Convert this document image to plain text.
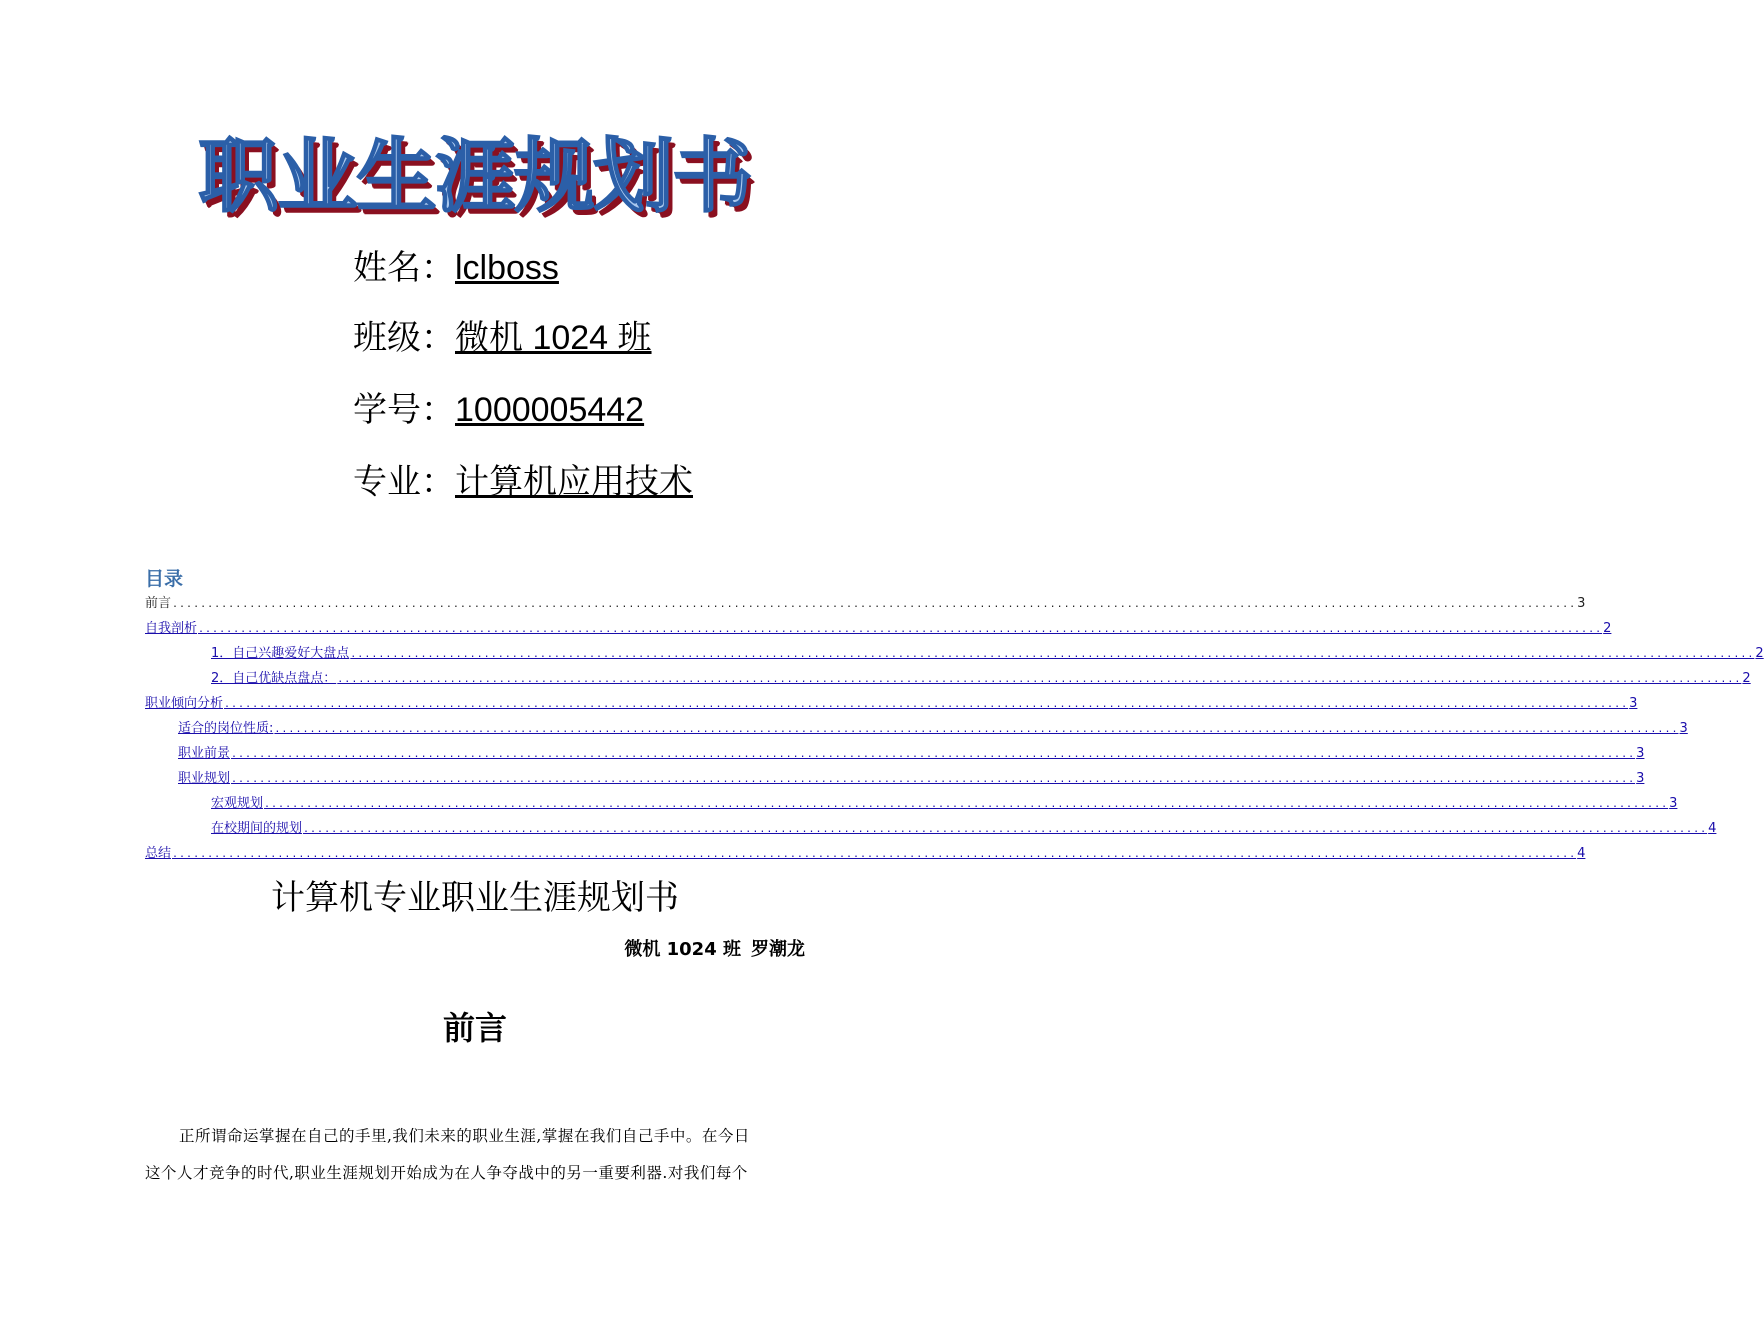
职业生涯规划书
姓名：lclboss
班级：微机 1024 班
学号：1000005442
专业：计算机应用技术
目录
前言 ........................................................................................................................................................................................................ 3
自我剖析 ........................................................................................................................................................................................................ 2
1．自己兴趣爱好大盘点 ........................................................................................................................................................................................................ 2
2．自己优缺点盘点： ........................................................................................................................................................................................................ 2
职业倾向分析 ........................................................................................................................................................................................................ 3
适合的岗位性质: ........................................................................................................................................................................................................ 3
职业前景 ........................................................................................................................................................................................................ 3
职业规划 ........................................................................................................................................................................................................ 3
宏观规划 ........................................................................................................................................................................................................ 3
在校期间的规划 ........................................................................................................................................................................................................ 4
总结 ........................................................................................................................................................................................................ 4
计算机专业职业生涯规划书
微机 1024 班 罗潮龙
前言
正所谓命运掌握在自己的手里,我们未来的职业生涯,掌握在我们自己手中。在今日
这个人才竞争的时代,职业生涯规划开始成为在人争夺战中的另一重要利器.对我们每个
